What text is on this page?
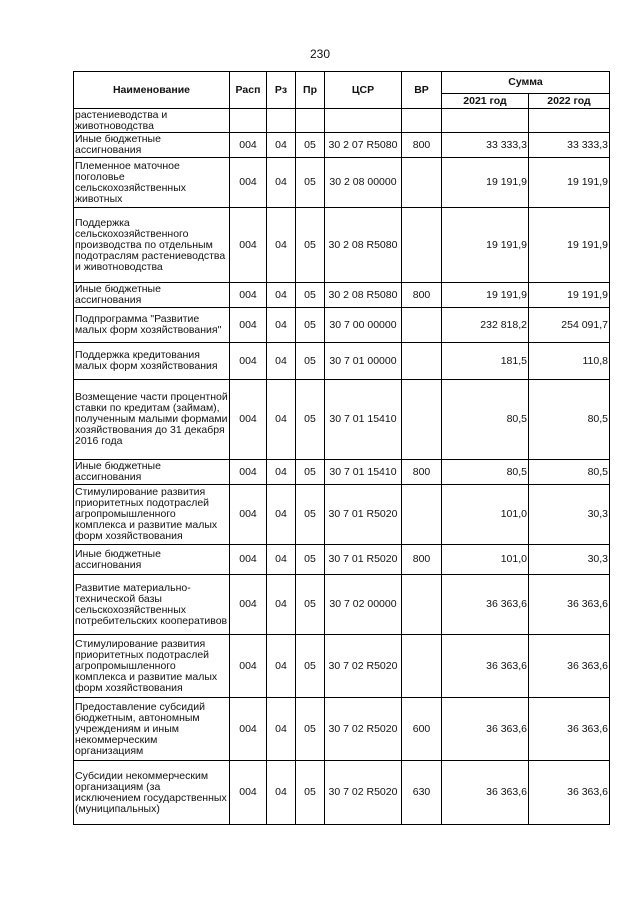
230
Наименование	Расп	Рз	Пр	ЦСР	ВР	Сумма	
						2021 год	2022 год
растениеводства и животноводства							
Иные бюджетные ассигнования	004	04	05	30 2 07 R5080	800	33 333,3	33 333,3
Племенное маточное поголовье сельскохозяйственных животных	004	04	05	30 2 08 00000		19 191,9	19 191,9
Поддержка сельскохозяйственного производства по отдельным подотраслям растениеводства и животноводства	004	04	05	30 2 08 R5080		19 191,9	19 191,9
Иные бюджетные ассигнования	004	04	05	30 2 08 R5080	800	19 191,9	19 191,9
Подпрограмма "Развитие малых форм хозяйствования"	004	04	05	30 7 00 00000		232 818,2	254 091,7
Поддержка кредитования малых форм хозяйствования	004	04	05	30 7 01 00000		181,5	110,8
Возмещение части процентной ставки по кредитам (займам), полученным малыми формами хозяйствования до 31 декабря 2016 года	004	04	05	30 7 01 15410		80,5	80,5
Иные бюджетные ассигнования	004	04	05	30 7 01 15410	800	80,5	80,5
Стимулирование развития приоритетных подотраслей агропромышленного комплекса и развитие малых форм хозяйствования	004	04	05	30 7 01 R5020		101,0	30,3
Иные бюджетные ассигнования	004	04	05	30 7 01 R5020	800	101,0	30,3
Развитие материально-технической базы сельскохозяйственных потребительских кооперативов	004	04	05	30 7 02 00000		36 363,6	36 363,6
Стимулирование развития приоритетных подотраслей агропромышленного комплекса и развитие малых форм хозяйствования	004	04	05	30 7 02 R5020		36 363,6	36 363,6
Предоставление субсидий бюджетным, автономным учреждениям и иным некоммерческим организациям	004	04	05	30 7 02 R5020	600	36 363,6	36 363,6
Субсидии некоммерческим организациям (за исключением государственных (муниципальных)	004	04	05	30 7 02 R5020	630	36 363,6	36 363,6
